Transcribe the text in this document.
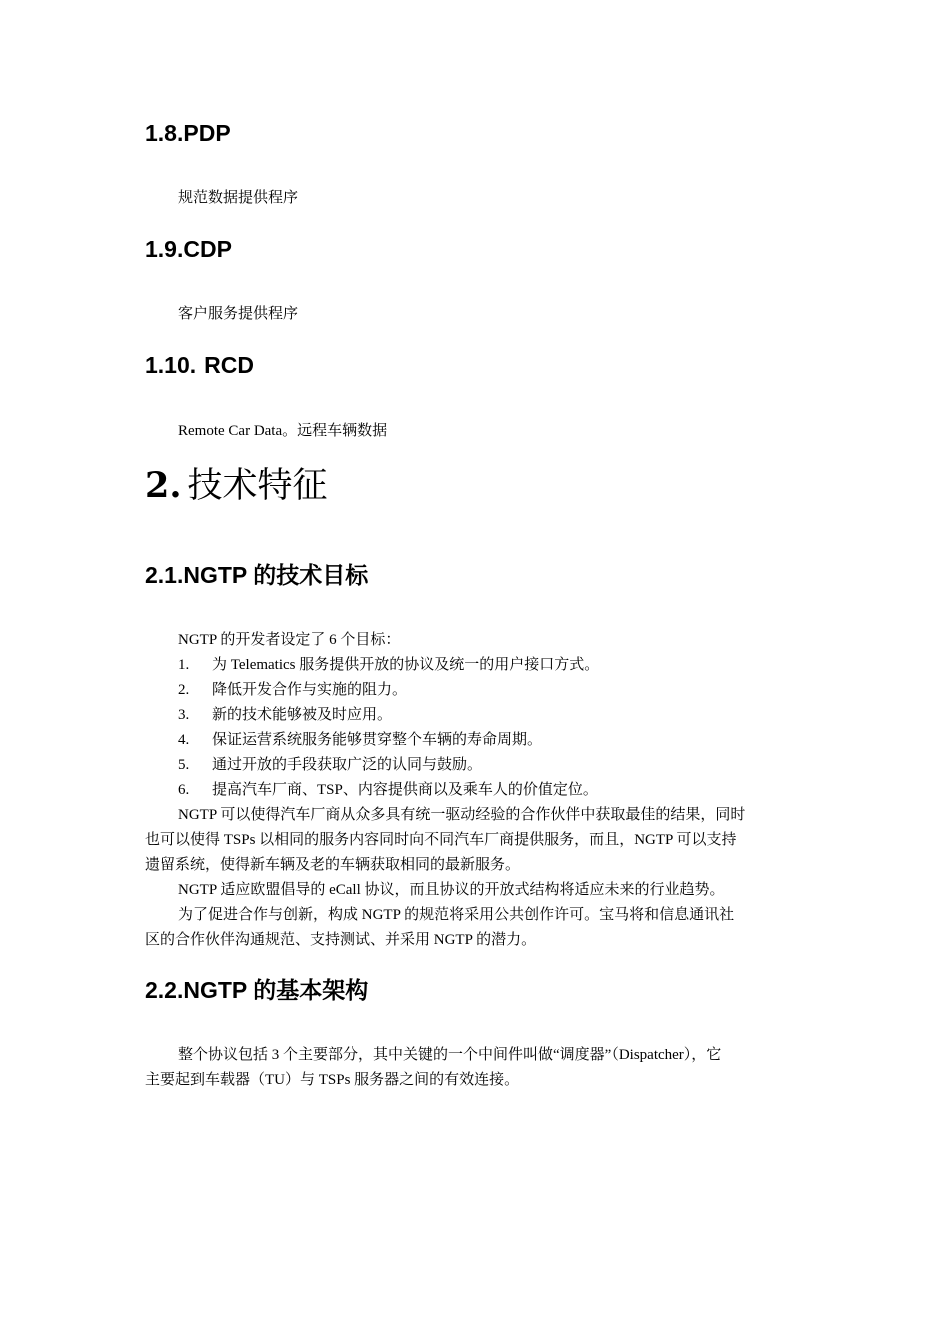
1.8.PDP
规范数据提供程序
1.9.CDP
客户服务提供程序
1.10. RCD
Remote Car Data。远程车辆数据
2. 技术特征
2.1.NGTP 的技术目标
NGTP 的开发者设定了 6 个目标：
1. 为 Telematics 服务提供开放的协议及统一的用户接口方式。
2. 降低开发合作与实施的阻力。
3. 新的技术能够被及时应用。
4. 保证运营系统服务能够贯穿整个车辆的寿命周期。
5. 通过开放的手段获取广泛的认同与鼓励。
6. 提高汽车厂商、TSP、内容提供商以及乘车人的价值定位。
NGTP 可以使得汽车厂商从众多具有统一驱动经验的合作伙伴中获取最佳的结果，同时
也可以使得 TSPs 以相同的服务内容同时向不同汽车厂商提供服务，而且，NGTP 可以支持
遗留系统，使得新车辆及老的车辆获取相同的最新服务。
NGTP 适应欧盟倡导的 eCall 协议，而且协议的开放式结构将适应未来的行业趋势。
为了促进合作与创新，构成 NGTP 的规范将采用公共创作许可。宝马将和信息通讯社
区的合作伙伴沟通规范、支持测试、并采用 NGTP 的潜力。
2.2.NGTP 的基本架构
整个协议包括 3 个主要部分，其中关键的一个中间件叫做“调度器”（Dispatcher），它
主要起到车载器（TU）与 TSPs 服务器之间的有效连接。
